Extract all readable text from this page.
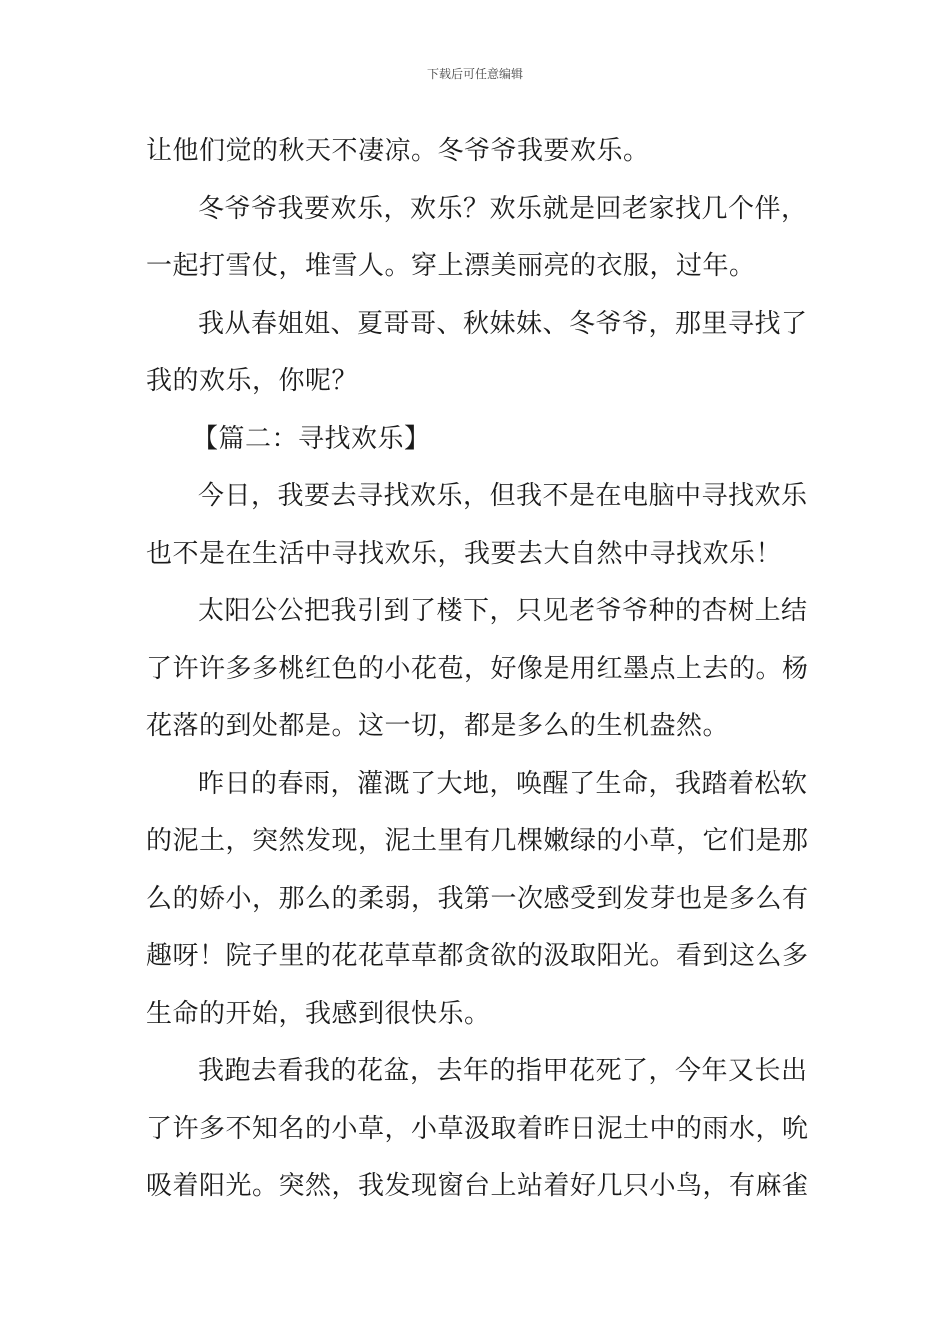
下载后可任意编辑
让他们觉的秋天不凄凉。冬爷爷我要欢乐。
冬爷爷我要欢乐，欢乐？欢乐就是回老家找几个伴，
一起打雪仗，堆雪人。穿上漂美丽亮的衣服，过年。
我从春姐姐、夏哥哥、秋妹妹、冬爷爷，那里寻找了
我的欢乐，你呢？
【篇二：寻找欢乐】
今日，我要去寻找欢乐，但我不是在电脑中寻找欢乐
也不是在生活中寻找欢乐，我要去大自然中寻找欢乐！
太阳公公把我引到了楼下，只见老爷爷种的杏树上结
了许许多多桃红色的小花苞，好像是用红墨点上去的。杨
花落的到处都是。这一切，都是多么的生机盎然。
昨日的春雨，灌溉了大地，唤醒了生命，我踏着松软
的泥土，突然发现，泥土里有几棵嫩绿的小草，它们是那
么的娇小，那么的柔弱，我第一次感受到发芽也是多么有
趣呀！院子里的花花草草都贪欲的汲取阳光。看到这么多
生命的开始，我感到很快乐。
我跑去看我的花盆，去年的指甲花死了，今年又长出
了许多不知名的小草，小草汲取着昨日泥土中的雨水，吮
吸着阳光。突然，我发现窗台上站着好几只小鸟，有麻雀
